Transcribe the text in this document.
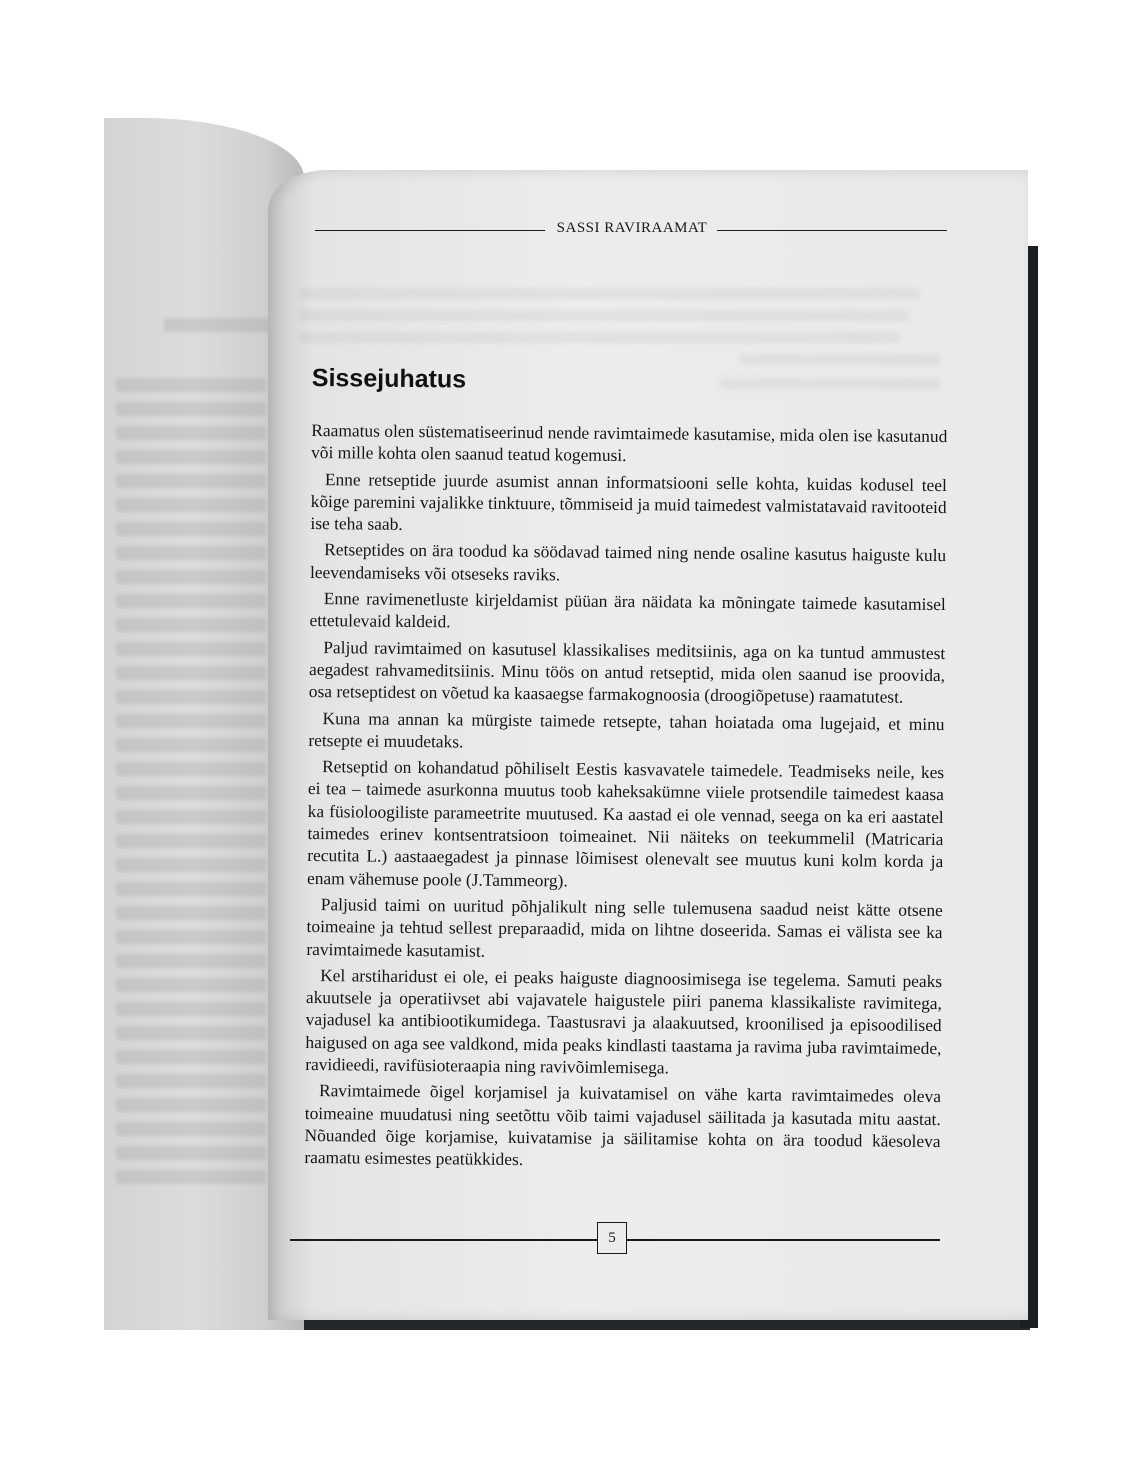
SASSI RAVIRAAMAT
Sissejuhatus

Raamatus olen süstematiseerinud nende ravimtaimede kasutamise, mida olen ise kasutanud või mille kohta olen saanud teatud kogemusi.

Enne retseptide juurde asumist annan informatsiooni selle kohta, kuidas kodusel teel kõige paremini vajalikke tinktuure, tõmmiseid ja muid taimedest valmistatavaid ravitooteid ise teha saab.

Retseptides on ära toodud ka söödavad taimed ning nende osaline kasutus haiguste kulu leevendamiseks või otseseks raviks.

Enne ravimenetluste kirjeldamist püüan ära näidata ka mõningate taimede kasutamisel ettetulevaid kaldeid.

Paljud ravimtaimed on kasutusel klassikalises meditsiinis, aga on ka tuntud ammustest aegadest rahvameditsiinis. Minu töös on antud retseptid, mida olen saanud ise proovida, osa retseptidest on võetud ka kaasaegse farmakognoosia (droogiõpetuse) raamatutest.

Kuna ma annan ka mürgiste taimede retsepte, tahan hoiatada oma lugejaid, et minu retsepte ei muudetaks.

Retseptid on kohandatud põhiliselt Eestis kasvavatele taimedele. Teadmiseks neile, kes ei tea – taimede asurkonna muutus toob kaheksakümne viiele protsendile taimedest kaasa ka füsioloogiliste parameetrite muutused. Ka aastad ei ole vennad, seega on ka eri aastatel taimedes erinev kontsentratsioon toimeainet. Nii näiteks on teekummelil (Matricaria recutita L.) aastaaegadest ja pinnase lõimisest olenevalt see muutus kuni kolm korda ja enam vähemuse poole (J.Tammeorg).

Paljusid taimi on uuritud põhjalikult ning selle tulemusena saadud neist kätte otsene toimeaine ja tehtud sellest preparaadid, mida on lihtne doseerida. Samas ei välista see ka ravimtaimede kasutamist.

Kel arstiharidust ei ole, ei peaks haiguste diagnoosimisega ise tegelema. Samuti peaks akuutsele ja operatiivset abi vajavatele haigustele piiri panema klassikaliste ravimitega, vajadusel ka antibiootikumidega. Taastusravi ja alaakuutsed, kroonilised ja episoodilised haigused on aga see valdkond, mida peaks kindlasti taastama ja ravima juba ravimtaimede, ravidieedi, ravifüsioteraapia ning ravivõimlemisega.

Ravimtaimede õigel korjamisel ja kuivatamisel on vähe karta ravimtaimedes oleva toimeaine muudatusi ning seetõttu võib taimi vajadusel säilitada ja kasutada mitu aastat. Nõuanded õige korjamise, kuivatamise ja säilitamise kohta on ära toodud käesoleva raamatu esimestes peatükkides.

5
